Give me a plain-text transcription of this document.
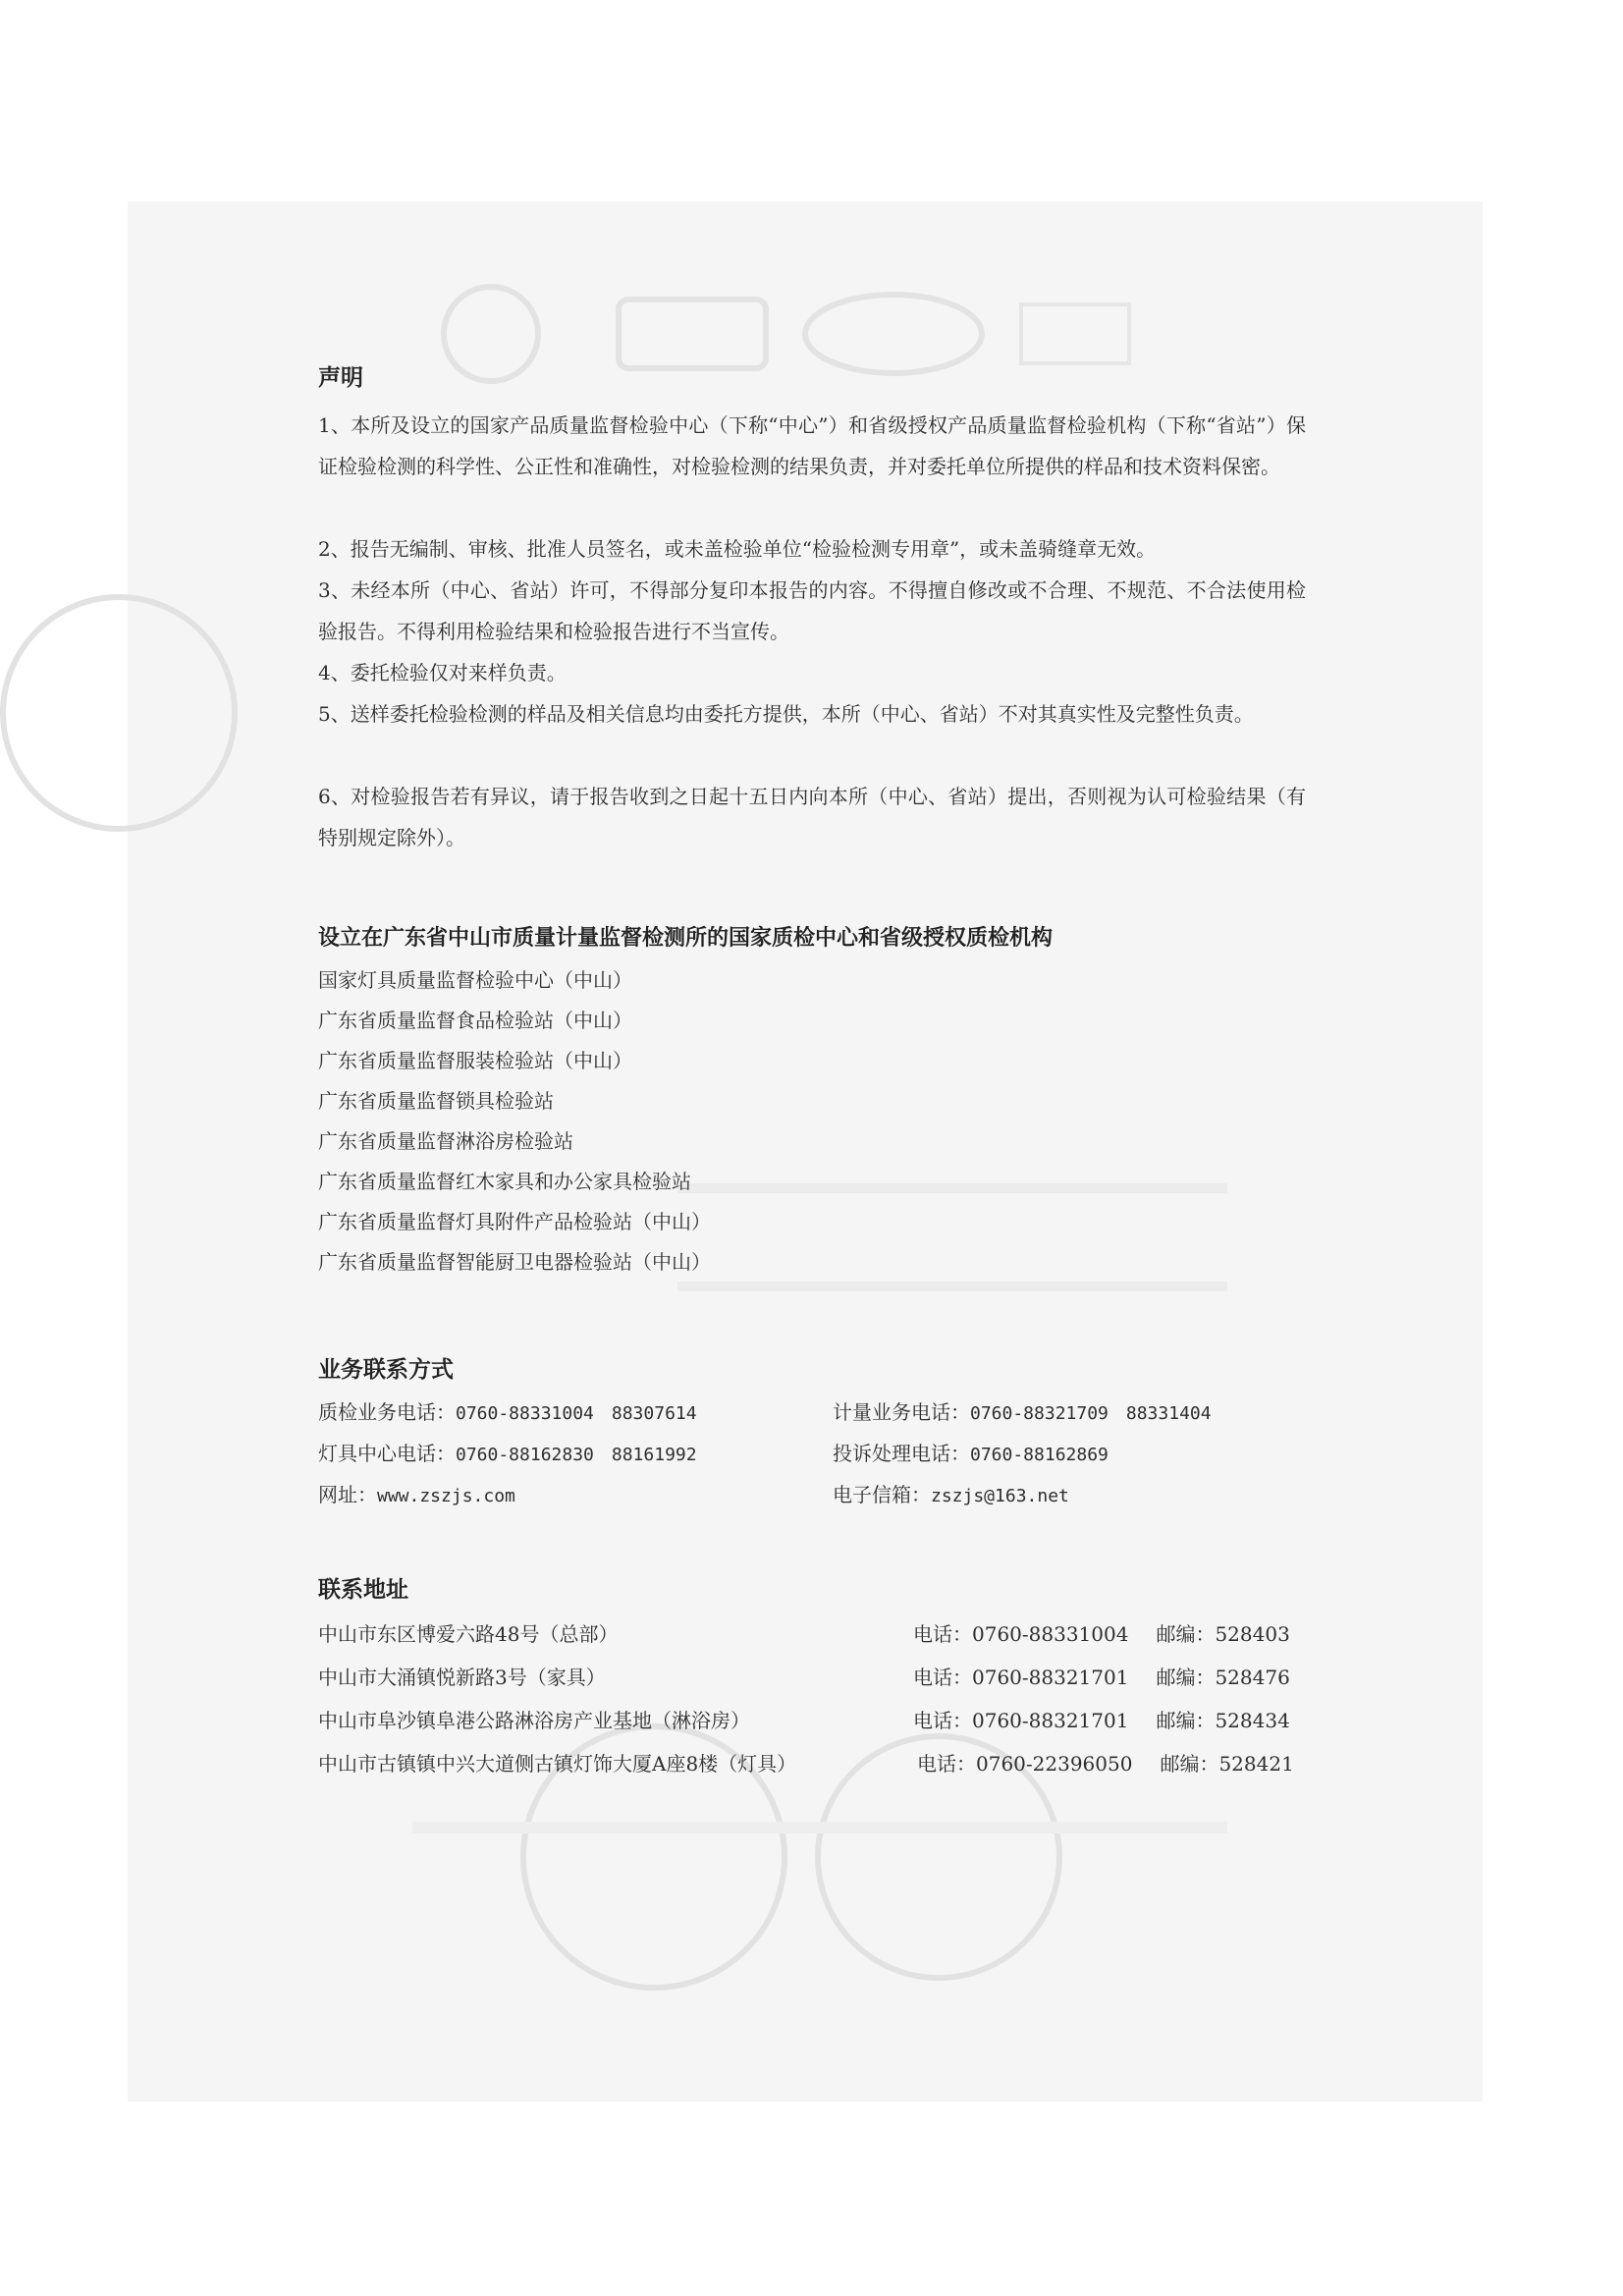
声明

1、本所及设立的国家产品质量监督检验中心（下称“中心”）和省级授权产品质量监督检验机构（下称“省站”）保证检验检测的科学性、公正性和准确性，对检验检测的结果负责，并对委托单位所提供的样品和技术资料保密。

2、报告无编制、审核、批准人员签名，或未盖检验单位“检验检测专用章”，或未盖骑缝章无效。

3、未经本所（中心、省站）许可，不得部分复印本报告的内容。不得擅自修改或不合理、不规范、不合法使用检验报告。不得利用检验结果和检验报告进行不当宣传。

4、委托检验仅对来样负责。

5、送样委托检验检测的样品及相关信息均由委托方提供，本所（中心、省站）不对其真实性及完整性负责。

6、对检验报告若有异议，请于报告收到之日起十五日内向本所（中心、省站）提出，否则视为认可检验结果（有特别规定除外）。

设立在广东省中山市质量计量监督检测所的国家质检中心和省级授权质检机构

国家灯具质量监督检验中心（中山）

广东省质量监督食品检验站（中山）

广东省质量监督服装检验站（中山）

广东省质量监督锁具检验站

广东省质量监督淋浴房检验站

广东省质量监督红木家具和办公家具检验站

广东省质量监督灯具附件产品检验站（中山）

广东省质量监督智能厨卫电器检验站（中山）

业务联系方式

质检业务电话：0760-88331004　88307614	计量业务电话：0760-88321709　88331404

灯具中心电话：0760-88162830　88161992	投诉处理电话：0760-88162869

网址：www.zszjs.com	电子信箱：zszjs@163.net

联系地址

中山市东区博爱六路48号（总部）	电话：0760-88331004 邮编：528403

中山市大涌镇悦新路3号（家具）	电话：0760-88321701 邮编：528476

中山市阜沙镇阜港公路淋浴房产业基地（淋浴房）	电话：0760-88321701 邮编：528434

中山市古镇镇中兴大道侧古镇灯饰大厦A座8楼（灯具）	电话：0760-22396050 邮编：528421
